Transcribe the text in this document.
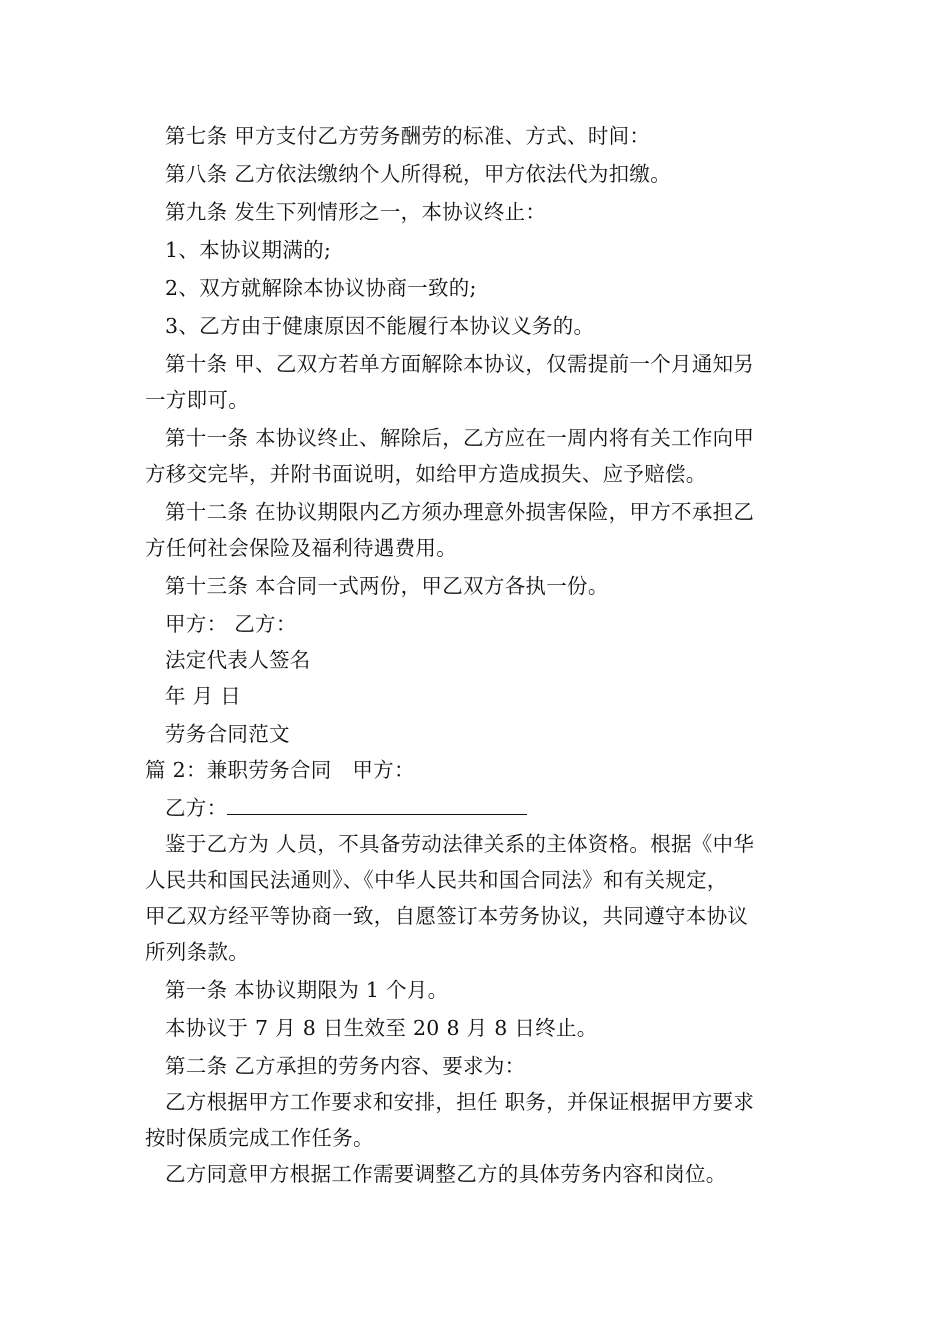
第七条 甲方支付乙方劳务酬劳的标准、方式、时间：
第八条 乙方依法缴纳个人所得税，甲方依法代为扣缴。
第九条 发生下列情形之一，本协议终止：
1、本协议期满的;
2、双方就解除本协议协商一致的;
3、乙方由于健康原因不能履行本协议义务的。
第十条 甲、乙双方若单方面解除本协议，仅需提前一个月通知另
一方即可。
第十一条 本协议终止、解除后，乙方应在一周内将有关工作向甲
方移交完毕，并附书面说明，如给甲方造成损失、应予赔偿。
第十二条 在协议期限内乙方须办理意外损害保险，甲方不承担乙
方任何社会保险及福利待遇费用。
第十三条 本合同一式两份，甲乙双方各执一份。
甲方： 乙方：
法定代表人签名
年 月 日
劳务合同范文
篇 2：兼职劳务合同　甲方：
乙方：
鉴于乙方为 人员，不具备劳动法律关系的主体资格。根据《中华
人民共和国民法通则》、《中华人民共和国合同法》和有关规定，
甲乙双方经平等协商一致，自愿签订本劳务协议，共同遵守本协议
所列条款。
第一条 本协议期限为 1 个月。
本协议于 7 月 8 日生效至 20 8 月 8 日终止。
第二条 乙方承担的劳务内容、要求为：
乙方根据甲方工作要求和安排，担任 职务，并保证根据甲方要求
按时保质完成工作任务。
乙方同意甲方根据工作需要调整乙方的具体劳务内容和岗位。
